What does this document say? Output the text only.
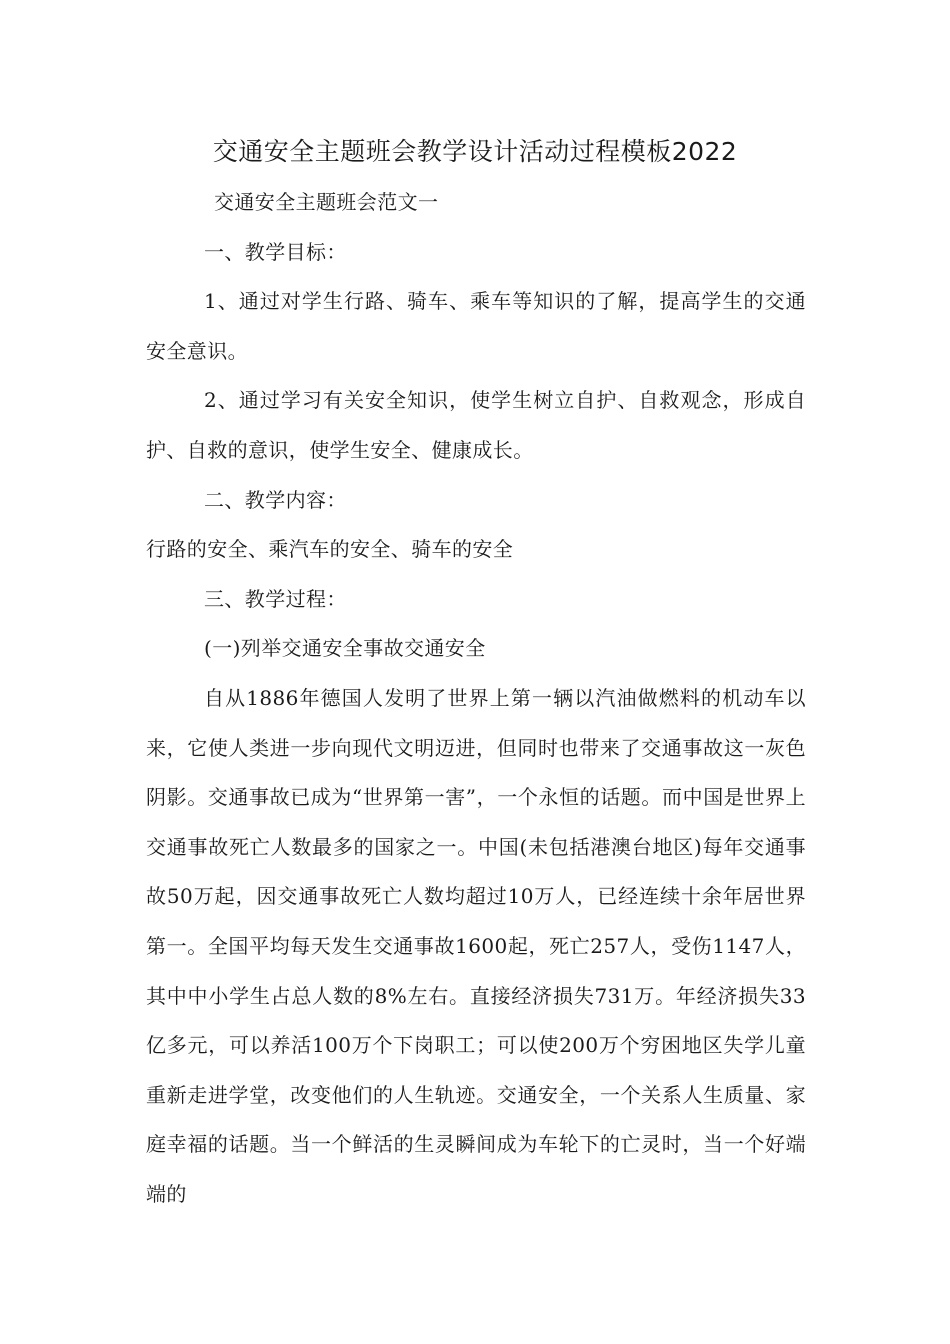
交通安全主题班会教学设计活动过程模板2022

交通安全主题班会范文一

一、教学目标：

1、通过对学生行路、骑车、乘车等知识的了解，提高学生的交通安全意识。

2、通过学习有关安全知识，使学生树立自护、自救观念，形成自护、自救的意识，使学生安全、健康成长。

二、教学内容：

行路的安全、乘汽车的安全、骑车的安全

三、教学过程：

(一)列举交通安全事故交通安全

自从1886年德国人发明了世界上第一辆以汽油做燃料的机动车以来，它使人类进一步向现代文明迈进，但同时也带来了交通事故这一灰色阴影。交通事故已成为“世界第一害”，一个永恒的话题。而中国是世界上交通事故死亡人数最多的国家之一。中国(未包括港澳台地区)每年交通事故50万起，因交通事故死亡人数均超过10万人，已经连续十余年居世界第一。全国平均每天发生交通事故1600起，死亡257人，受伤1147人，其中中小学生占总人数的8%左右。直接经济损失731万。年经济损失33亿多元，可以养活100万个下岗职工；可以使200万个穷困地区失学儿童重新走进学堂，改变他们的人生轨迹。交通安全，一个关系人生质量、家庭幸福的话题。当一个鲜活的生灵瞬间成为车轮下的亡灵时，当一个好端端的
